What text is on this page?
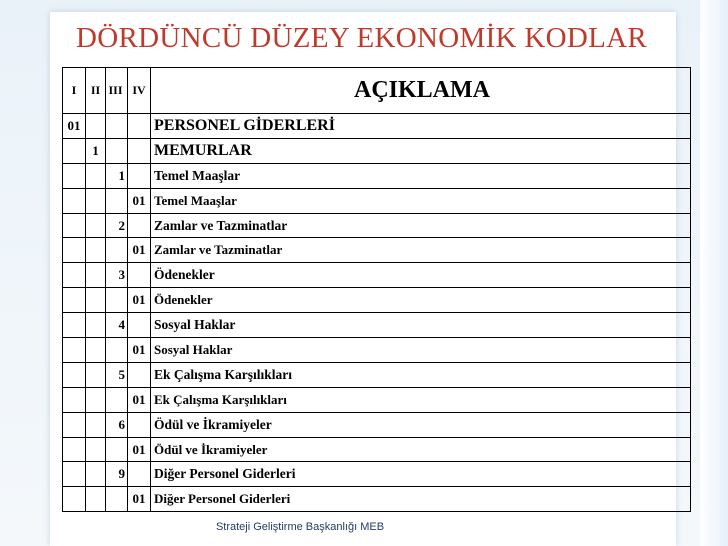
DÖRDÜNCÜ DÜZEY EKONOMİK KODLAR
I	II	III	IV	AÇIKLAMA
01				PERSONEL GİDERLERİ
	1			MEMURLAR
		1		Temel Maaşlar
			01	Temel Maaşlar
		2		Zamlar ve Tazminatlar
			01	Zamlar ve Tazminatlar
		3		Ödenekler
			01	Ödenekler
		4		Sosyal Haklar
			01	Sosyal Haklar
		5		Ek Çalışma Karşılıkları
			01	Ek Çalışma Karşılıkları
		6		Ödül ve İkramiyeler
			01	Ödül ve İkramiyeler
		9		Diğer Personel Giderleri
			01	Diğer Personel Giderleri
Strateji Geliştirme Başkanlığı MEB
